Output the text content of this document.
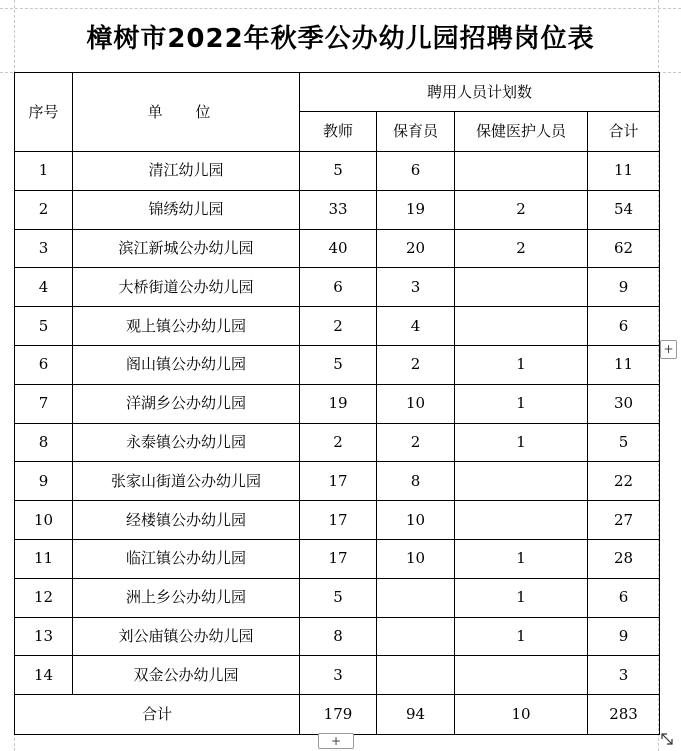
樟树市2022年秋季公办幼儿园招聘岗位表
序号	单 位	聘用人员计划数			
		教师	保育员	保健医护人员	合计
1	清江幼儿园	5	6		11
2	锦绣幼儿园	33	19	2	54
3	滨江新城公办幼儿园	40	20	2	62
4	大桥街道公办幼儿园	6	3		9
5	观上镇公办幼儿园	2	4		6
6	阁山镇公办幼儿园	5	2	1	11
7	洋湖乡公办幼儿园	19	10	1	30
8	永泰镇公办幼儿园	2	2	1	5
9	张家山街道公办幼儿园	17	8		22
10	经楼镇公办幼儿园	17	10		27
11	临江镇公办幼儿园	17	10	1	28
12	洲上乡公办幼儿园	5		1	6
13	刘公庙镇公办幼儿园	8		1	9
14	双金公办幼儿园	3			3
合计		179	94	10	283
+
+
